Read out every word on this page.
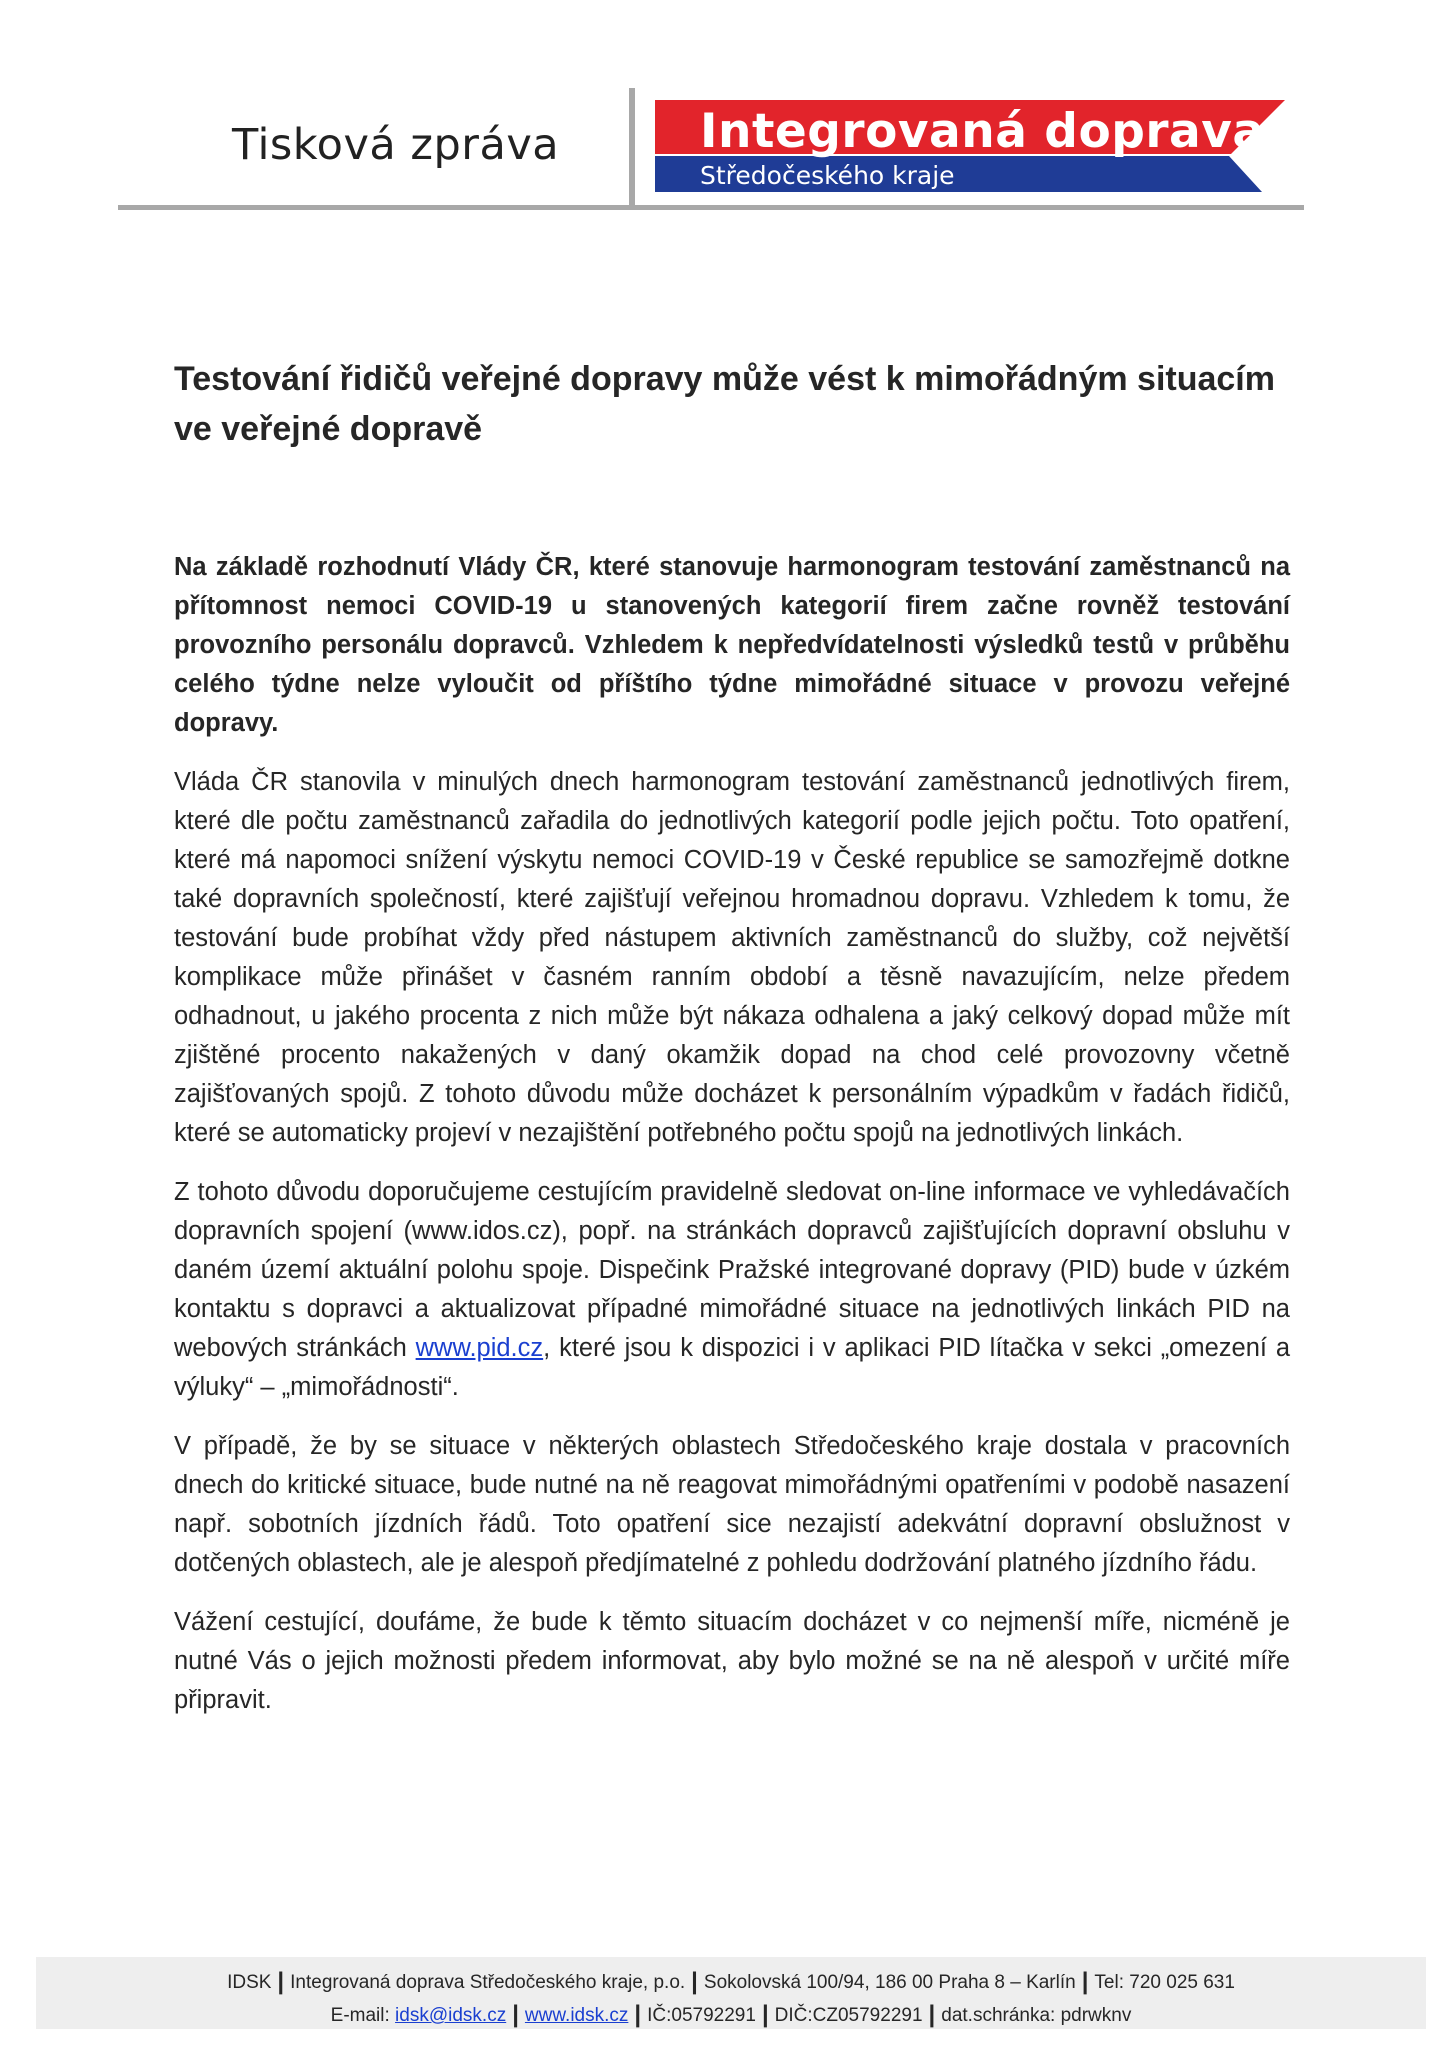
Tisková zpráva	Integrovaná doprava
Středočeského kraje
Testování řidičů veřejné dopravy může vést k mimořádným situacím ve veřejné dopravě

Na základě rozhodnutí Vlády ČR, které stanovuje harmonogram testování zaměstnanců na přítomnost nemoci COVID-19 u stanovených kategorií firem začne rovněž testování provozního personálu dopravců. Vzhledem k nepředvídatelnosti výsledků testů v průběhu celého týdne nelze vyloučit od příštího týdne mimořádné situace v provozu veřejné dopravy.

Vláda ČR stanovila v minulých dnech harmonogram testování zaměstnanců jednotlivých firem, které dle počtu zaměstnanců zařadila do jednotlivých kategorií podle jejich počtu. Toto opatření, které má napomoci snížení výskytu nemoci COVID-19 v České republice se samozřejmě dotkne také dopravních společností, které zajišťují veřejnou hromadnou dopravu. Vzhledem k tomu, že testování bude probíhat vždy před nástupem aktivních zaměstnanců do služby, což největší komplikace může přinášet v časném ranním období a těsně navazujícím, nelze předem odhadnout, u jakého procenta z nich může být nákaza odhalena a jaký celkový dopad může mít zjištěné procento nakažených v daný okamžik dopad na chod celé provozovny včetně zajišťovaných spojů. Z tohoto důvodu může docházet k personálním výpadkům v řadách řidičů, které se automaticky projeví v nezajištění potřebného počtu spojů na jednotlivých linkách.

Z tohoto důvodu doporučujeme cestujícím pravidelně sledovat on-line informace ve vyhledávačích dopravních spojení (www.idos.cz), popř. na stránkách dopravců zajišťujících dopravní obsluhu v daném území aktuální polohu spoje. Dispečink Pražské integrované dopravy (PID) bude v úzkém kontaktu s dopravci a aktualizovat případné mimořádné situace na jednotlivých linkách PID na webových stránkách www.pid.cz, které jsou k dispozici i v aplikaci PID lítačka v sekci „omezení a výluky“ – „mimořádnosti“.

V případě, že by se situace v některých oblastech Středočeského kraje dostala v pracovních dnech do kritické situace, bude nutné na ně reagovat mimořádnými opatřeními v podobě nasazení např. sobotních jízdních řádů. Toto opatření sice nezajistí adekvátní dopravní obslužnost v dotčených oblastech, ale je alespoň předjímatelné z pohledu dodržování platného jízdního řádu.

Vážení cestující, doufáme, že bude k těmto situacím docházet v co nejmenší míře, nicméně je nutné Vás o jejich možnosti předem informovat, aby bylo možné se na ně alespoň v určité míře připravit.

IDSK | Integrovaná doprava Středočeského kraje, p.o. | Sokolovská 100/94, 186 00 Praha 8 – Karlín | Tel: 720 025 631
E-mail: idsk@idsk.cz | www.idsk.cz | IČ:05792291 | DIČ:CZ05792291 | dat.schránka: pdrwknv
